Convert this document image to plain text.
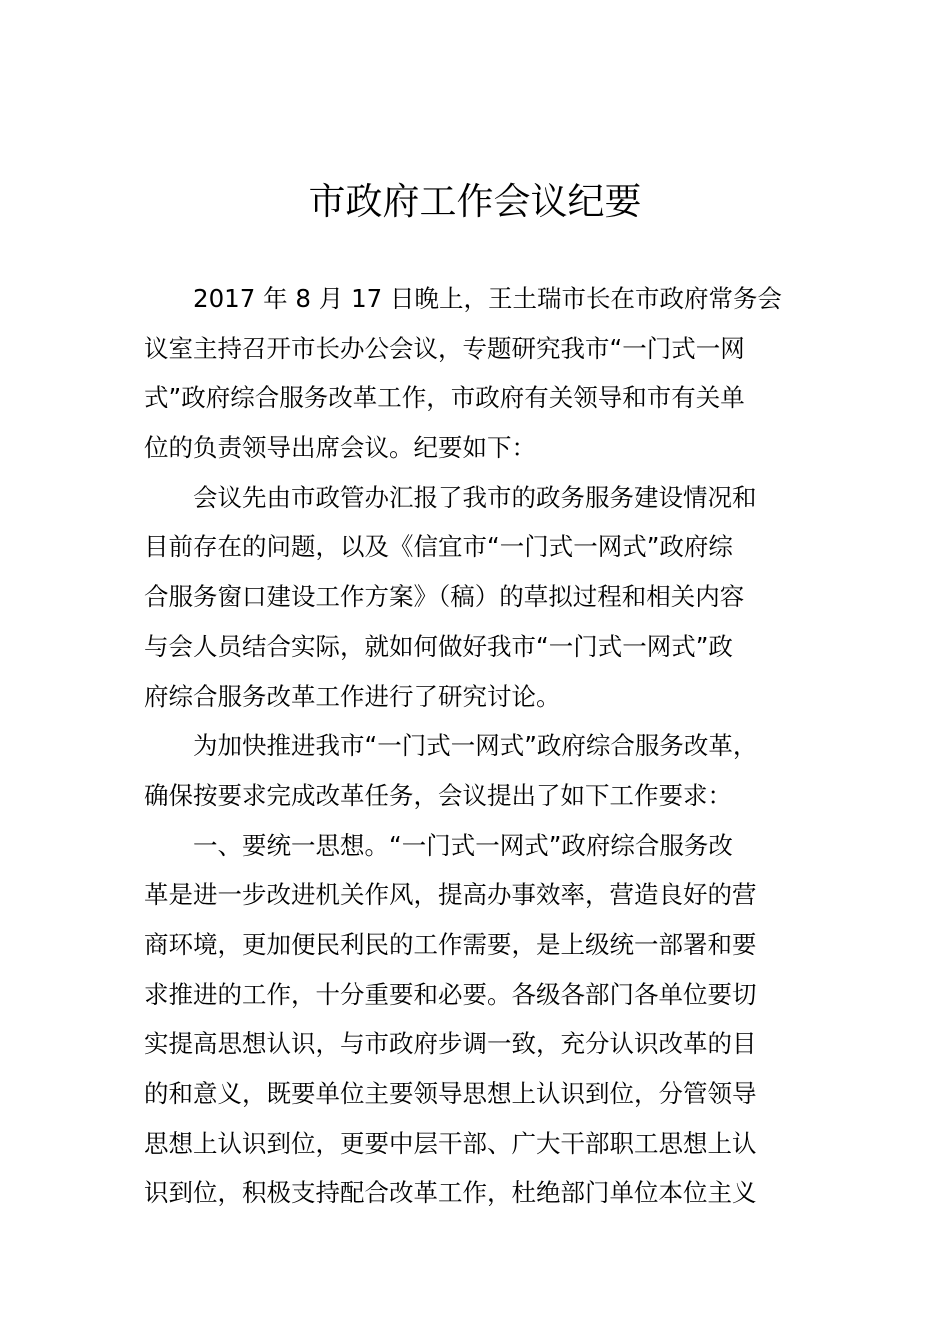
市政府工作会议纪要
2017 年 8 月 17 日晚上，王土瑞市长在市政府常务会
议室主持召开市长办公会议，专题研究我市“一门式一网
式”政府综合服务改革工作，市政府有关领导和市有关单
位的负责领导出席会议。纪要如下：
会议先由市政管办汇报了我市的政务服务建设情况和
目前存在的问题，以及《信宜市“一门式一网式”政府综
合服务窗口建设工作方案》（稿）的草拟过程和相关内容
与会人员结合实际，就如何做好我市“一门式一网式”政
府综合服务改革工作进行了研究讨论。
为加快推进我市“一门式一网式”政府综合服务改革，
确保按要求完成改革任务，会议提出了如下工作要求：
一、要统一思想。“一门式一网式”政府综合服务改
革是进一步改进机关作风，提高办事效率，营造良好的营
商环境，更加便民利民的工作需要，是上级统一部署和要
求推进的工作，十分重要和必要。各级各部门各单位要切
实提高思想认识，与市政府步调一致，充分认识改革的目
的和意义，既要单位主要领导思想上认识到位，分管领导
思想上认识到位，更要中层干部、广大干部职工思想上认
识到位，积极支持配合改革工作，杜绝部门单位本位主义
